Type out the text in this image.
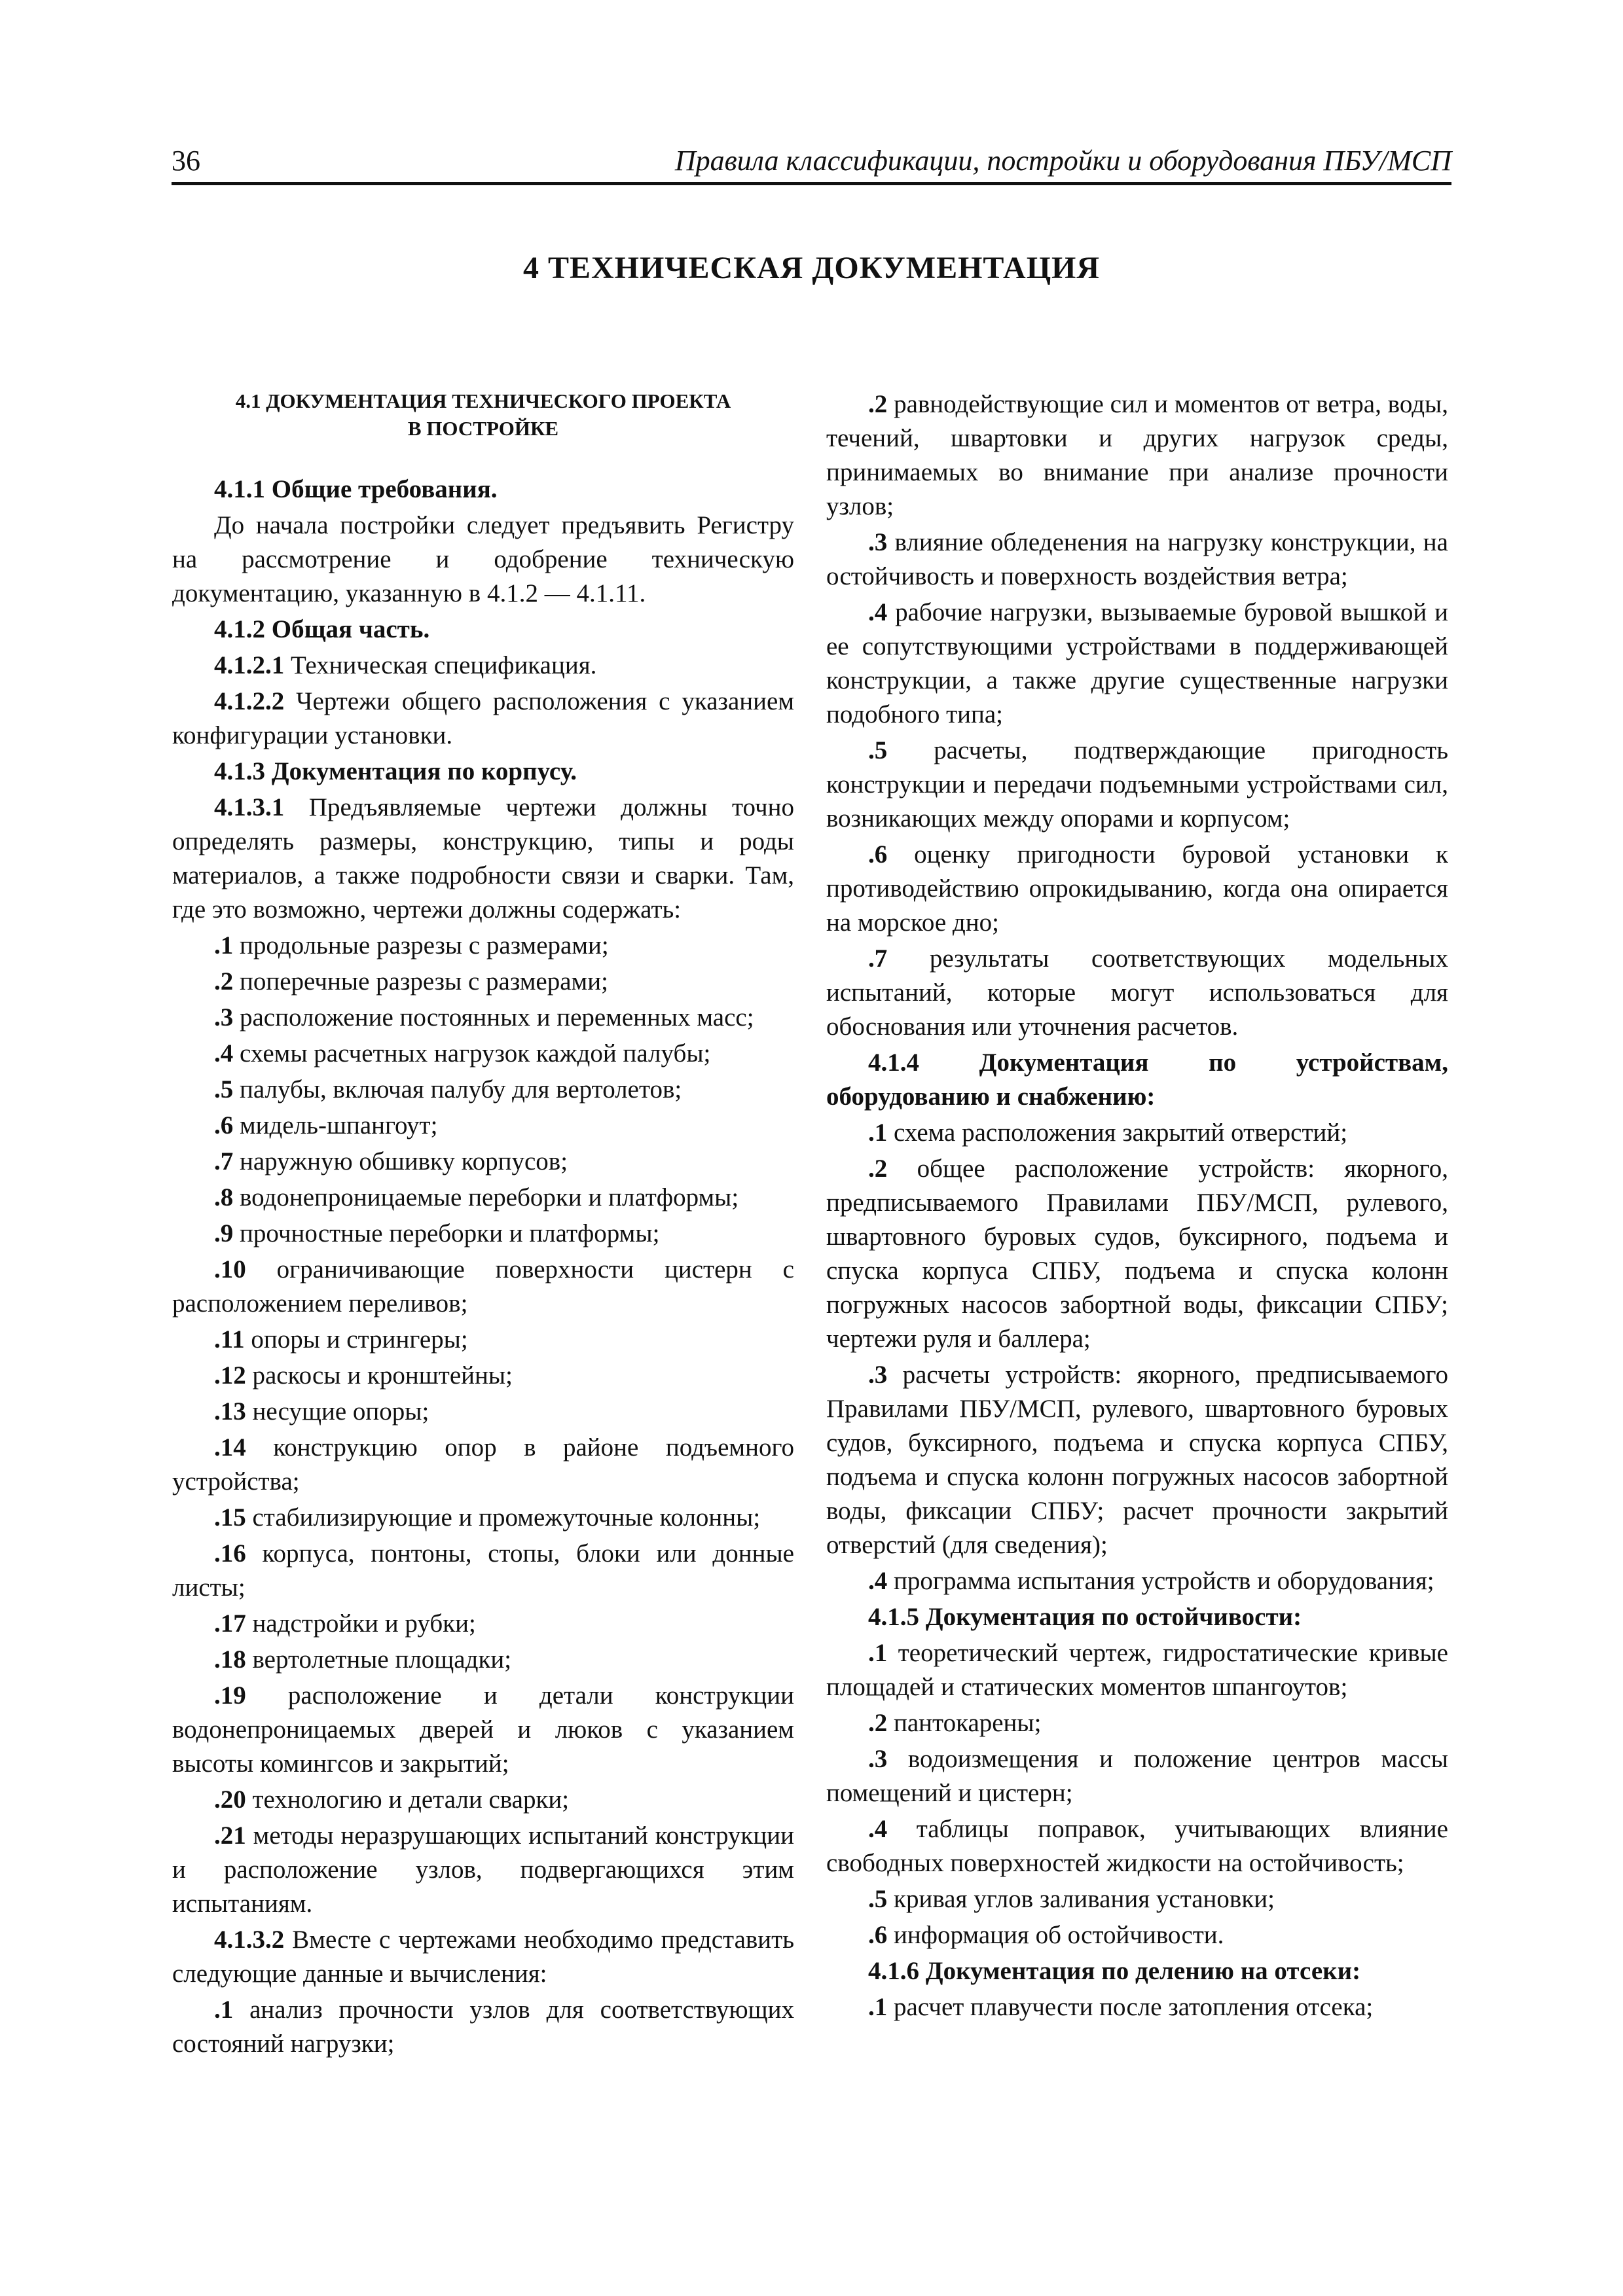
36	Правила классификации, постройки и оборудования ПБУ/МСП
4 ТЕХНИЧЕСКАЯ ДОКУМЕНТАЦИЯ
4.1 ДОКУМЕНТАЦИЯ ТЕХНИЧЕСКОГО ПРОЕКТА
В ПОСТРОЙКЕ

4.1.1 Общие требования.

До начала постройки следует предъявить Регистру на рассмотрение и одобрение техническую документацию, указанную в 4.1.2 — 4.1.11.

4.1.2 Общая часть.

4.1.2.1 Техническая спецификация.

4.1.2.2 Чертежи общего расположения с указанием конфигурации установки.

4.1.3 Документация по корпусу.

4.1.3.1 Предъявляемые чертежи должны точно определять размеры, конструкцию, типы и роды материалов, а также подробности связи и сварки. Там, где это возможно, чертежи должны содержать:

.1 продольные разрезы с размерами;

.2 поперечные разрезы с размерами;

.3 расположение постоянных и переменных масс;

.4 схемы расчетных нагрузок каждой палубы;

.5 палубы, включая палубу для вертолетов;

.6 мидель-шпангоут;

.7 наружную обшивку корпусов;

.8 водонепроницаемые переборки и платформы;

.9 прочностные переборки и платформы;

.10 ограничивающие поверхности цистерн с расположением переливов;

.11 опоры и стрингеры;

.12 раскосы и кронштейны;

.13 несущие опоры;

.14 конструкцию опор в районе подъемного устройства;

.15 стабилизирующие и промежуточные колонны;

.16 корпуса, понтоны, стопы, блоки или донные листы;

.17 надстройки и рубки;

.18 вертолетные площадки;

.19 расположение и детали конструкции водонепроницаемых дверей и люков с указанием высоты комингсов и закрытий;

.20 технологию и детали сварки;

.21 методы неразрушающих испытаний конструкции и расположение узлов, подвергающихся этим испытаниям.

4.1.3.2 Вместе с чертежами необходимо представить следующие данные и вычисления:

.1 анализ прочности узлов для соответствующих состояний нагрузки;

.2 равнодействующие сил и моментов от ветра, воды, течений, швартовки и других нагрузок среды, принимаемых во внимание при анализе прочности узлов;

.3 влияние обледенения на нагрузку конструкции, на остойчивость и поверхность воздействия ветра;

.4 рабочие нагрузки, вызываемые буровой вышкой и ее сопутствующими устройствами в поддерживающей конструкции, а также другие существенные нагрузки подобного типа;

.5 расчеты, подтверждающие пригодность конструкции и передачи подъемными устройствами сил, возникающих между опорами и корпусом;

.6 оценку пригодности буровой установки к противодействию опрокидыванию, когда она опирается на морское дно;

.7 результаты соответствующих модельных испытаний, которые могут использоваться для обоснования или уточнения расчетов.

4.1.4 Документация по устройствам, оборудованию и снабжению:

.1 схема расположения закрытий отверстий;

.2 общее расположение устройств: якорного, предписываемого Правилами ПБУ/МСП, рулевого, швартовного буровых судов, буксирного, подъема и спуска корпуса СПБУ, подъема и спуска колонн погружных насосов забортной воды, фиксации СПБУ; чертежи руля и баллера;

.3 расчеты устройств: якорного, предписываемого Правилами ПБУ/МСП, рулевого, швартовного буровых судов, буксирного, подъема и спуска корпуса СПБУ, подъема и спуска колонн погружных насосов забортной воды, фиксации СПБУ; расчет прочности закрытий отверстий (для сведения);

.4 программа испытания устройств и оборудования;

4.1.5 Документация по остойчивости:

.1 теоретический чертеж, гидростатические кривые площадей и статических моментов шпангоутов;

.2 пантокарены;

.3 водоизмещения и положение центров массы помещений и цистерн;

.4 таблицы поправок, учитывающих влияние свободных поверхностей жидкости на остойчивость;

.5 кривая углов заливания установки;

.6 информация об остойчивости.

4.1.6 Документация по делению на отсеки:

.1 расчет плавучести после затопления отсека;
